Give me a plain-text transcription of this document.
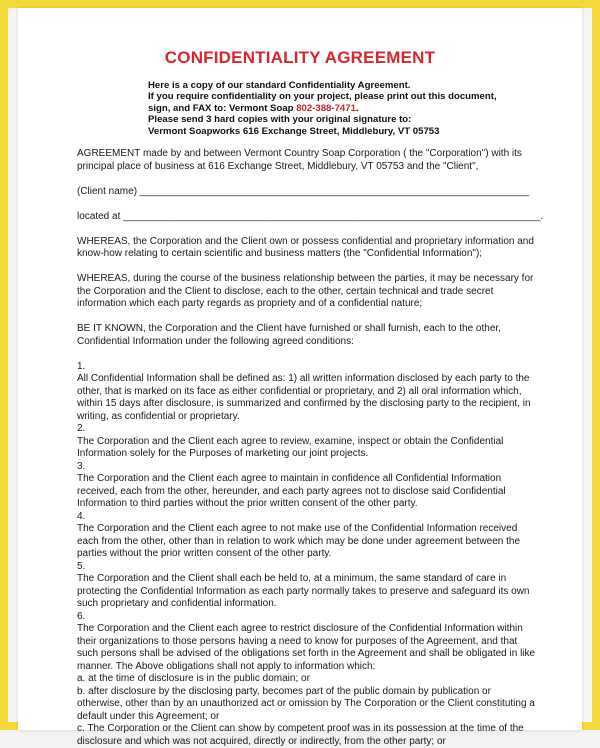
CONFIDENTIALITY AGREEMENT
Here is a copy of our standard Confidentiality Agreement.
If you require confidentiality on your project, please print out this document,
sign, and FAX to: Vermont Soap 802-388-7471.
Please send 3 hard copies with your original signature to:
Vermont Soapworks 616 Exchange Street, Middlebury, VT 05753

AGREEMENT made by and between Vermont Country Soap Corporation ( the "Corporation") with its principal place of business at 616 Exchange Street, Middlebury, VT 05753 and the "Client",

(Client name) ______________________________________________________________________

located at ___________________________________________________________________________.

WHEREAS, the Corporation and the Client own or possess confidential and proprietary information and know-how relating to certain scientific and business matters (the "Confidential Information");

WHEREAS, during the course of the business relationship between the parties, it may be necessary for the Corporation and the Client to disclose, each to the other, certain technical and trade secret information which each party regards as propriety and of a confidential nature;

BE IT KNOWN, the Corporation and the Client have furnished or shall furnish, each to the other, Confidential Information under the following agreed conditions:

1.
All Confidential Information shall be defined as: 1) all written information disclosed by each party to the other, that is marked on its face as either confidential or proprietary, and 2) all oral information which, within 15 days after disclosure, is summarized and confirmed by the disclosing party to the recipient, in writing, as confidential or proprietary.
2.
The Corporation and the Client each agree to review, examine, inspect or obtain the Confidential Information solely for the Purposes of marketing our joint projects.
3.
The Corporation and the Client each agree to maintain in confidence all Confidential Information received, each from the other, hereunder, and each party agrees not to disclose said Confidential Information to third parties without the prior written consent of the other party.
4.
The Corporation and the Client each agree to not make use of the Confidential Information received each from the other, other than in relation to work which may be done under agreement between the parties without the prior written consent of the other party.
5.
The Corporation and the Client shall each be held to, at a minimum, the same standard of care in protecting the Confidential Information as each party normally takes to preserve and safeguard its own such proprietary and confidential information.
6.
The Corporation and the Client each agree to restrict disclosure of the Confidential Information within their organizations to those persons having a need to know for purposes of the Agreement, and that such persons shall be advised of the obligations set forth in the Agreement and shall be obligated in like manner. The Above obligations shall not apply to information which:
a. at the time of disclosure is in the public domain; or
b. after disclosure by the disclosing party, becomes part of the public domain by publication or otherwise, other than by an unauthorized act or omission by The Corporation or the Client constituting a default under this Agreement; or
c. The Corporation or the Client can show by competent proof was in its possession at the time of the disclosure and which was not acquired, directly or indirectly, from the other party; or
